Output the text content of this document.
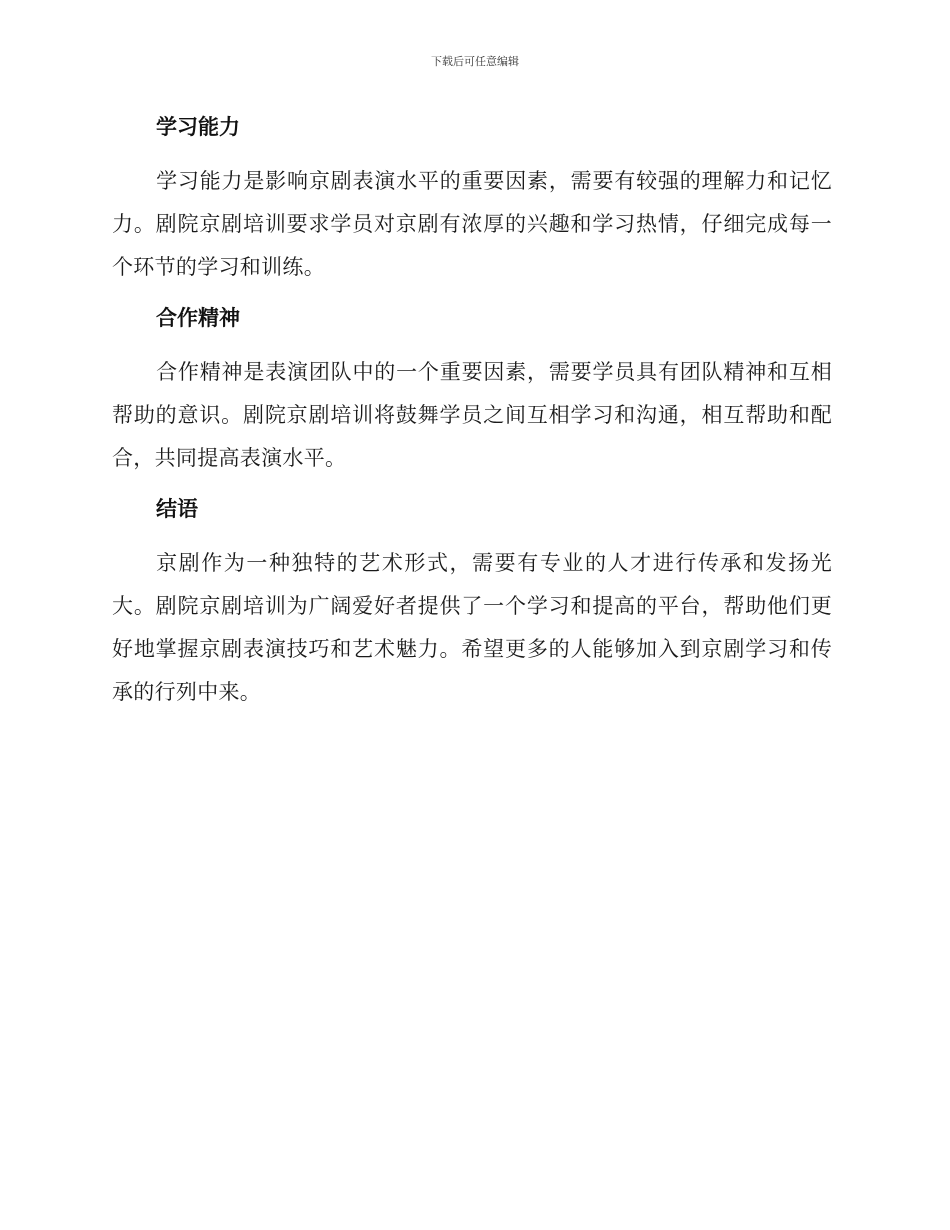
下载后可任意编辑
学习能力

学习能力是影响京剧表演水平的重要因素，需要有较强的理解力和记忆力。剧院京剧培训要求学员对京剧有浓厚的兴趣和学习热情，仔细完成每一个环节的学习和训练。

合作精神

合作精神是表演团队中的一个重要因素，需要学员具有团队精神和互相帮助的意识。剧院京剧培训将鼓舞学员之间互相学习和沟通，相互帮助和配合，共同提高表演水平。

结语

京剧作为一种独特的艺术形式，需要有专业的人才进行传承和发扬光大。剧院京剧培训为广阔爱好者提供了一个学习和提高的平台，帮助他们更好地掌握京剧表演技巧和艺术魅力。希望更多的人能够加入到京剧学习和传承的行列中来。
